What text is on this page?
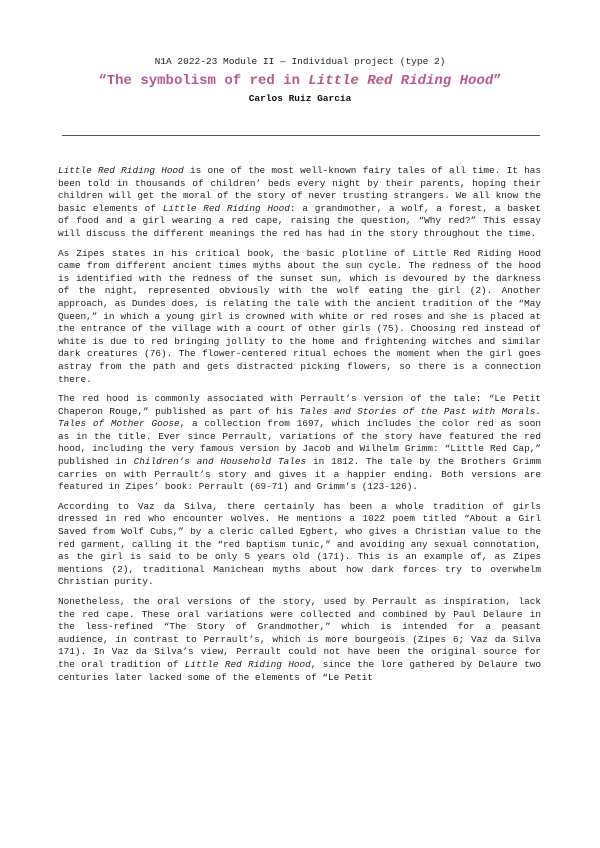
N1A 2022-23 Module II — Individual project (type 2)
“The symbolism of red in Little Red Riding Hood”
Carlos Ruiz García

Little Red Riding Hood is one of the most well-known fairy tales of all time. It has been told in thousands of children’ beds every night by their parents, hoping their children will get the moral of the story of never trusting strangers. We all know the basic elements of Little Red Riding Hood: a grandmother, a wolf, a forest, a basket of food and a girl wearing a red cape, raising the question, “Why red?” This essay will discuss the different meanings the red has had in the story throughout the time.

As Zipes states in his critical book, the basic plotline of Little Red Riding Hood came from different ancient times myths about the sun cycle. The redness of the hood is identified with the redness of the sunset sun, which is devoured by the darkness of the night, represented obviously with the wolf eating the girl (2). Another approach, as Dundes does, is relating the tale with the ancient tradition of the “May Queen,” in which a young girl is crowned with white or red roses and she is placed at the entrance of the village with a court of other girls (75). Choosing red instead of white is due to red bringing jollity to the home and frightening witches and similar dark creatures (76). The flower-centered ritual echoes the moment when the girl goes astray from the path and gets distracted picking flowers, so there is a connection there.

The red hood is commonly associated with Perrault’s version of the tale: “Le Petit Chaperon Rouge,” published as part of his Tales and Stories of the Past with Morals. Tales of Mother Goose, a collection from 1697, which includes the color red as soon as in the title. Ever since Perrault, variations of the story have featured the red hood, including the very famous version by Jacob and Wilhelm Grimm: “Little Red Cap,” published in Children’s and Household Tales in 1812. The tale by the Brothers Grimm carries on with Perrault’s story and gives it a happier ending. Both versions are featured in Zipes’ book: Perrault (69-71) and Grimm’s (123-126).

According to Vaz da Silva, there certainly has been a whole tradition of girls dressed in red who encounter wolves. He mentions a 1022 poem titled “About a Girl Saved from Wolf Cubs,” by a cleric called Egbert, who gives a Christian value to the red garment, calling it the “red baptism tunic,” and avoiding any sexual connotation, as the girl is said to be only 5 years old (171). This is an example of, as Zipes mentions (2), traditional Manichean myths about how dark forces try to overwhelm Christian purity.

Nonetheless, the oral versions of the story, used by Perrault as inspiration, lack the red cape. These oral variations were collected and combined by Paul Delaure in the less-refined “The Story of Grandmother,” which is intended for a peasant audience, in contrast to Perrault’s, which is more bourgeois (Zipes 6; Vaz da Silva 171). In Vaz da Silva’s view, Perrault could not have been the original source for the oral tradition of Little Red Riding Hood, since the lore gathered by Delaure two centuries later lacked some of the elements of “Le Petit
